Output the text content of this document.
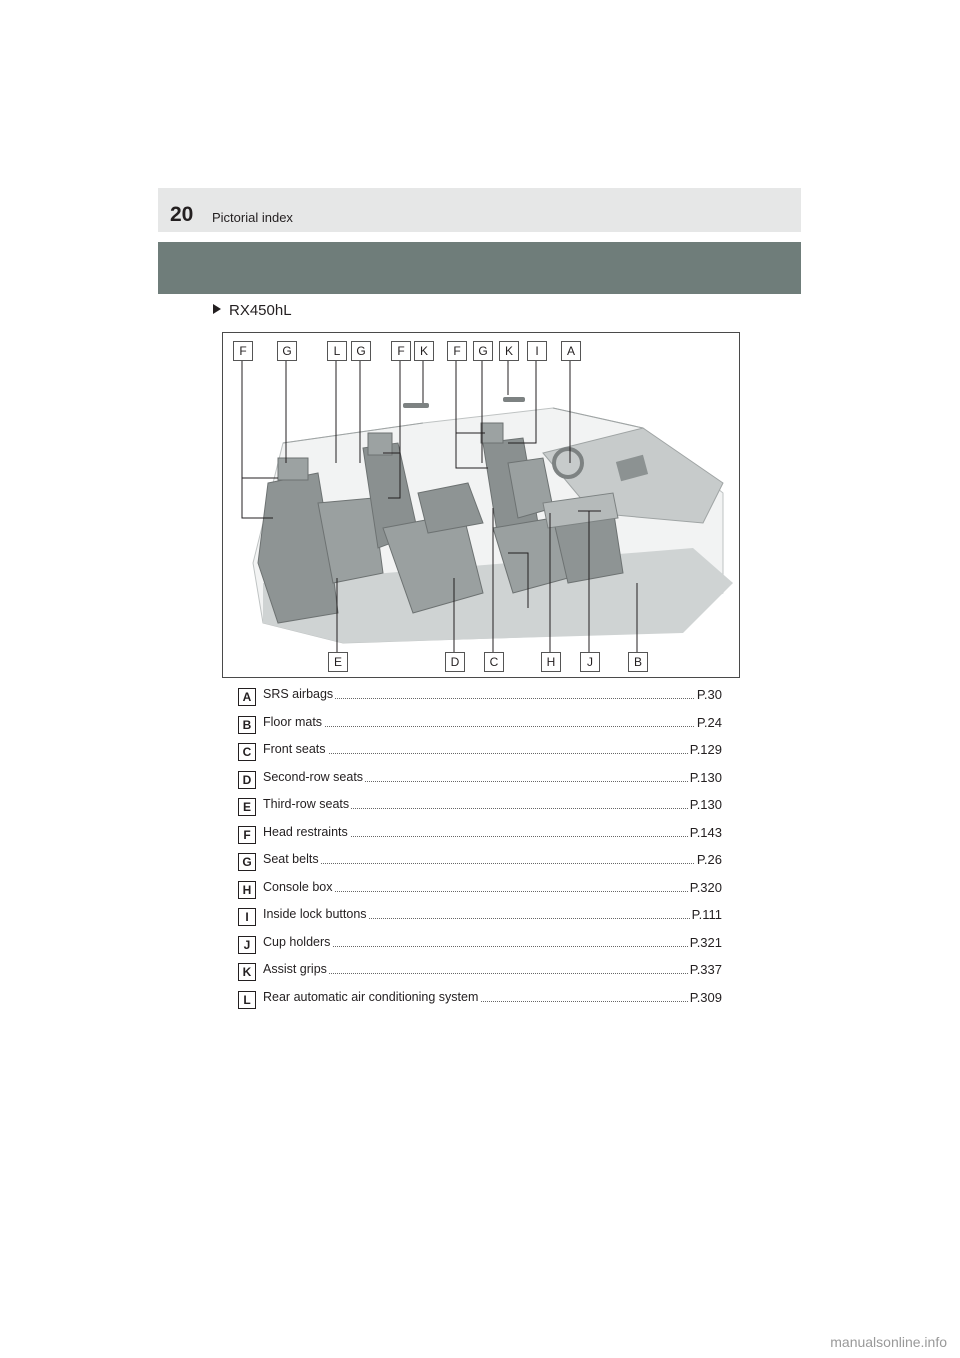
20 Pictorial index
RX450hL
F	G	L	G	F	K	F	G	K	I	A
E	D	C	H	J	B
A SRS airbags	P.30
B Floor mats	P.24
C Front seats	P.129
D Second-row seats	P.130
E Third-row seats	P.130
F Head restraints	P.143
G Seat belts	P.26
H Console box	P.320
I	Inside lock buttons	P.111
J	Cup holders	P.321
K Assist grips	P.337
L Rear automatic air conditioning system	P.309
manualsonline.info
